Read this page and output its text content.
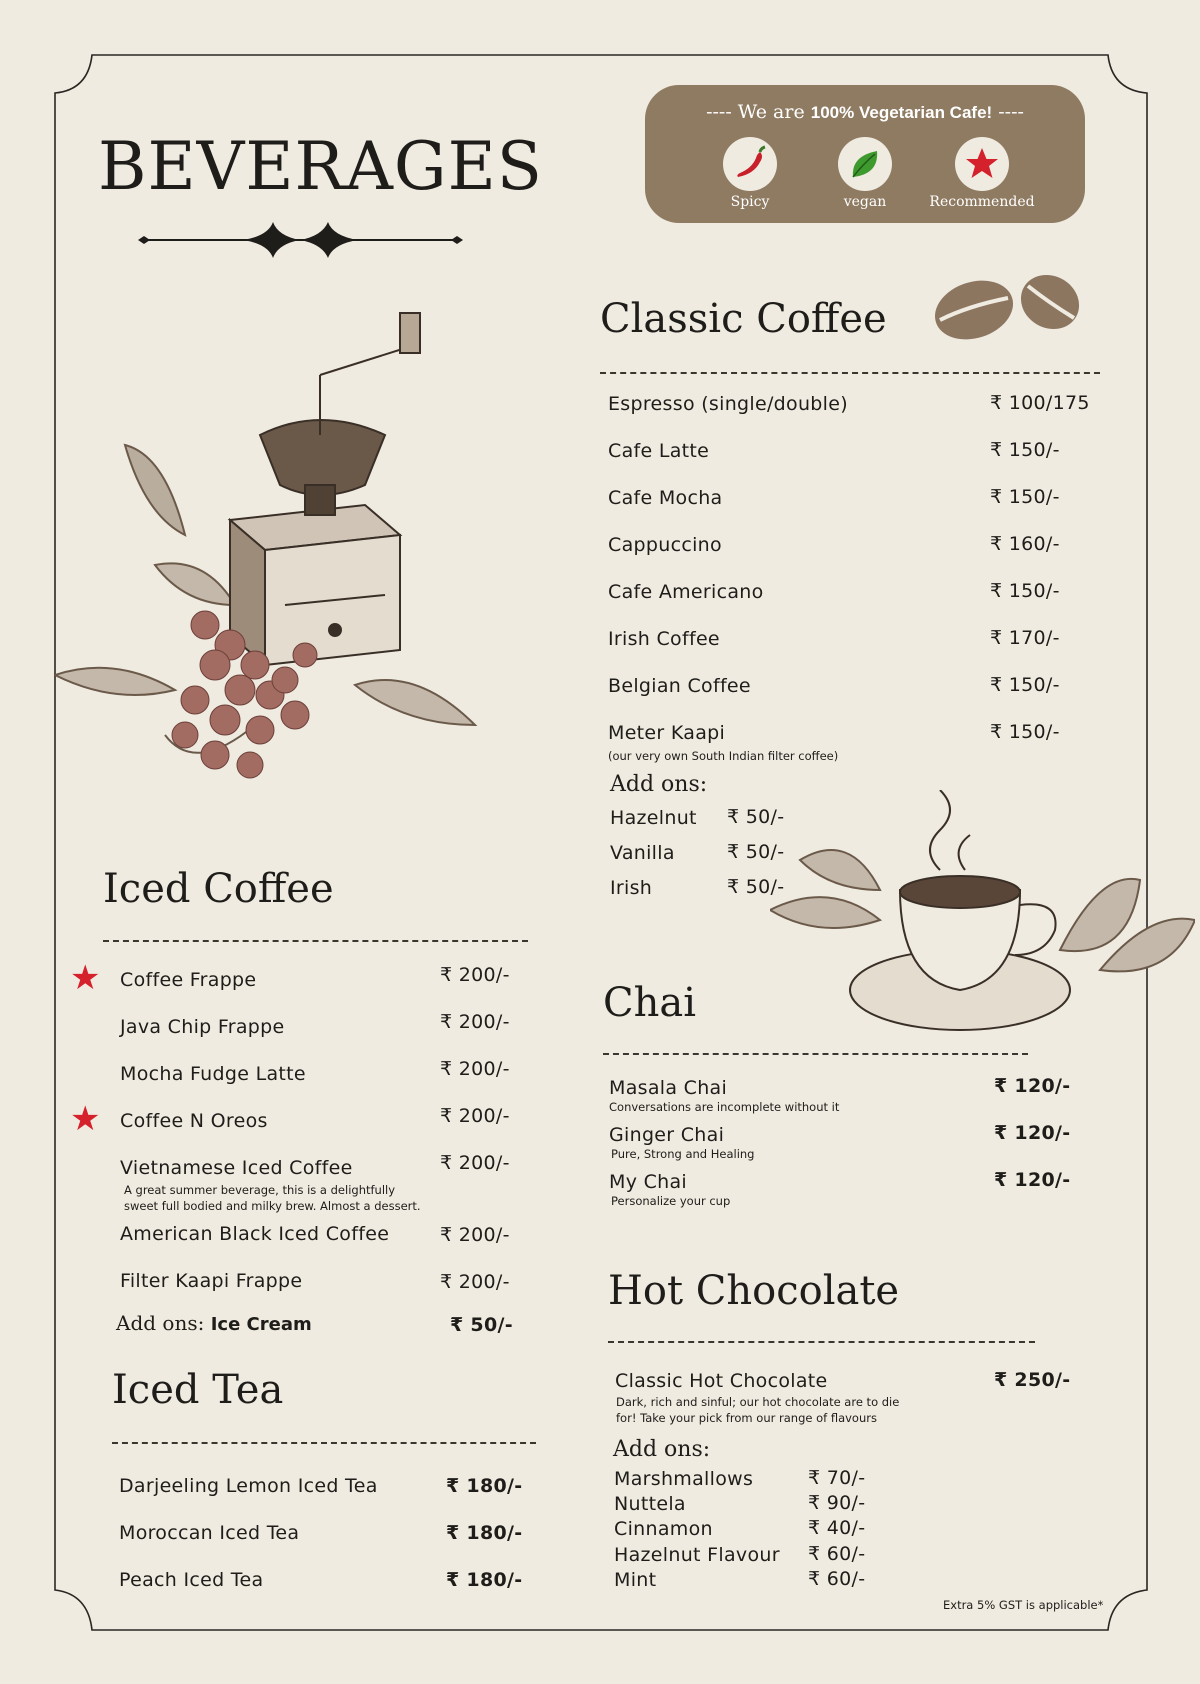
BEVERAGES
---- We are 100% Vegetarian Cafe! ----
Spicy	vegan	Recommended
Classic Coffee
Espresso (single/double)	₹ 100/175
Cafe Latte	₹ 150/-
Cafe Mocha	₹ 150/-
Cappuccino	₹ 160/-
Cafe Americano	₹ 150/-
Irish Coffee	₹ 170/-
Belgian Coffee	₹ 150/-
Meter Kaapi	₹ 150/-
(our very own South Indian filter coffee)
Add ons:
Hazelnut ₹ 50/-
Vanilla	₹ 50/-
Irish	₹ 50/-
Iced Coffee
★ Coffee Frappe	₹ 200/-
Java Chip Frappe	₹ 200/-
Mocha Fudge Latte	₹ 200/-
★ Coffee N Oreos	₹ 200/-
Vietnamese Iced Coffee	₹ 200/-
A great summer beverage, this is a delightfully
sweet full bodied and milky brew. Almost a dessert.
American Black Iced Coffee	₹ 200/-
Filter Kaapi Frappe	₹ 200/-
Add ons: Ice Cream	₹ 50/-
Iced Tea
Darjeeling Lemon Iced Tea	₹ 180/-
Moroccan Iced Tea	₹ 180/-
Peach Iced Tea	₹ 180/-
Chai
Masala Chai	₹ 120/-
Conversations are incomplete without it
Ginger Chai	₹ 120/-
Pure, Strong and Healing
My Chai	₹ 120/-
Personalize your cup
Hot Chocolate
Classic Hot Chocolate	₹ 250/-
Dark, rich and sinful; our hot chocolate are to die
for! Take your pick from our range of flavours
Add ons:
Marshmallows	₹ 70/-
Nuttela	₹ 90/-
Cinnamon	₹ 40/-
Hazelnut Flavour ₹ 60/-
Mint	₹ 60/-
Extra 5% GST is applicable*
